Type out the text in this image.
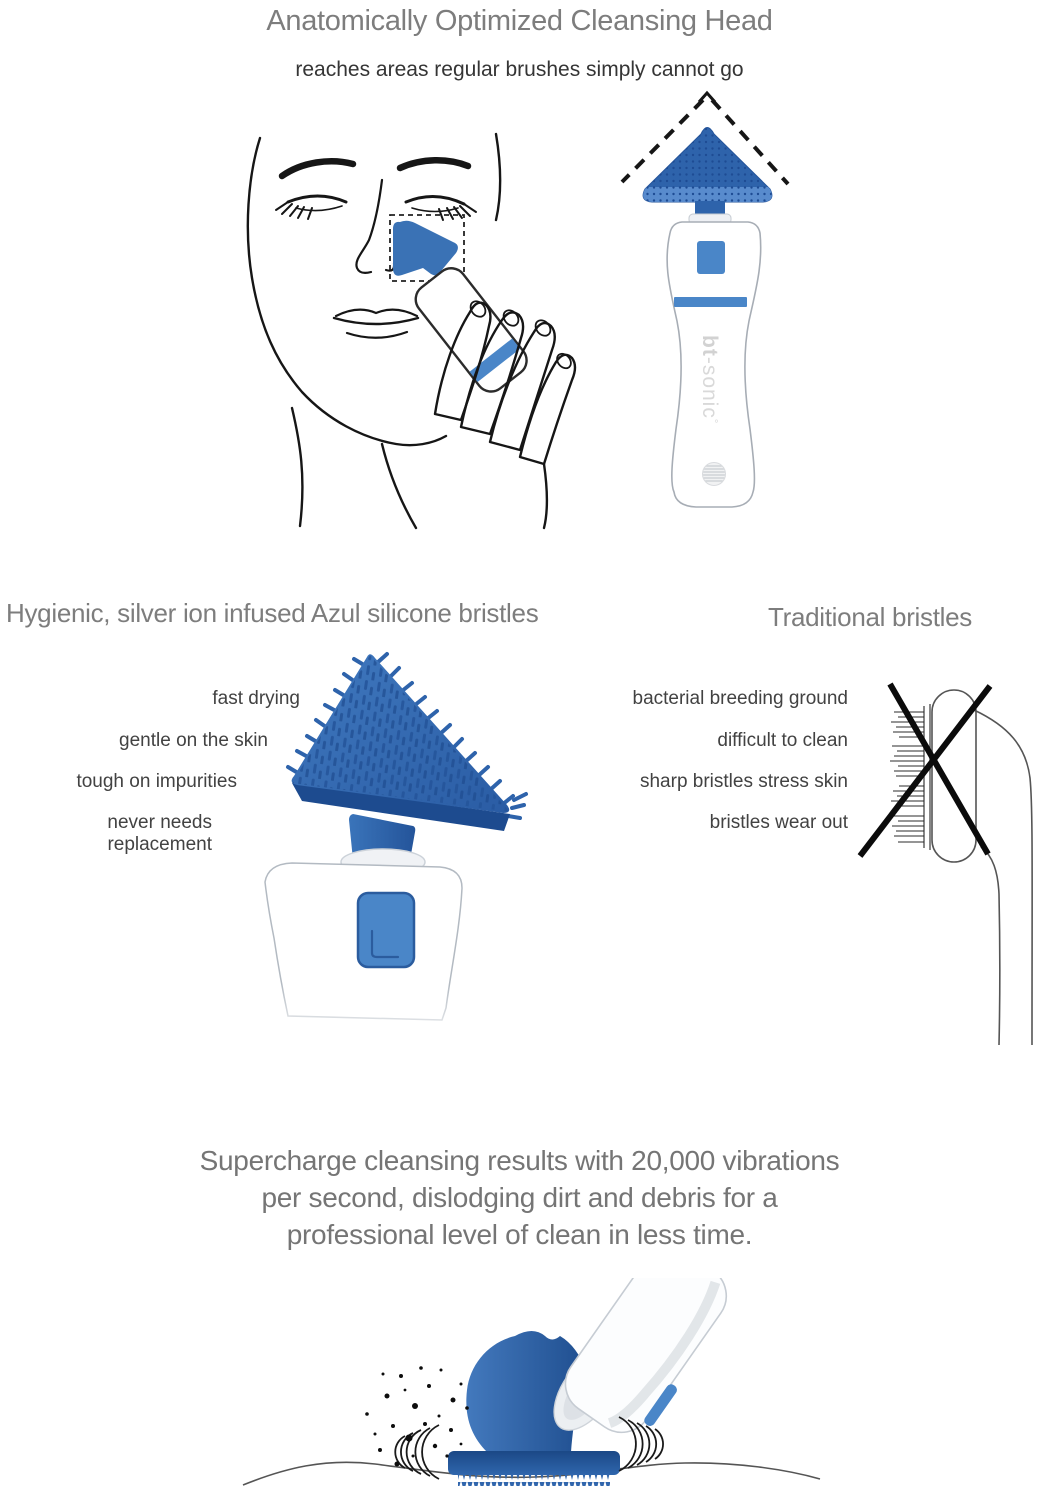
Anatomically Optimized Cleansing Head
reaches areas regular brushes simply cannot go
bt-sonic°
Hygienic, silver ion infused Azul silicone bristles	Traditional bristles
fast drying
gentle on the skin
tough on impurities
never needs replacement
bacterial breeding ground
difficult to clean
sharp bristles stress skin
bristles wear out
Supercharge cleansing results with 20,000 vibrations
per second, dislodging dirt and debris for a
professional level of clean in less time.
